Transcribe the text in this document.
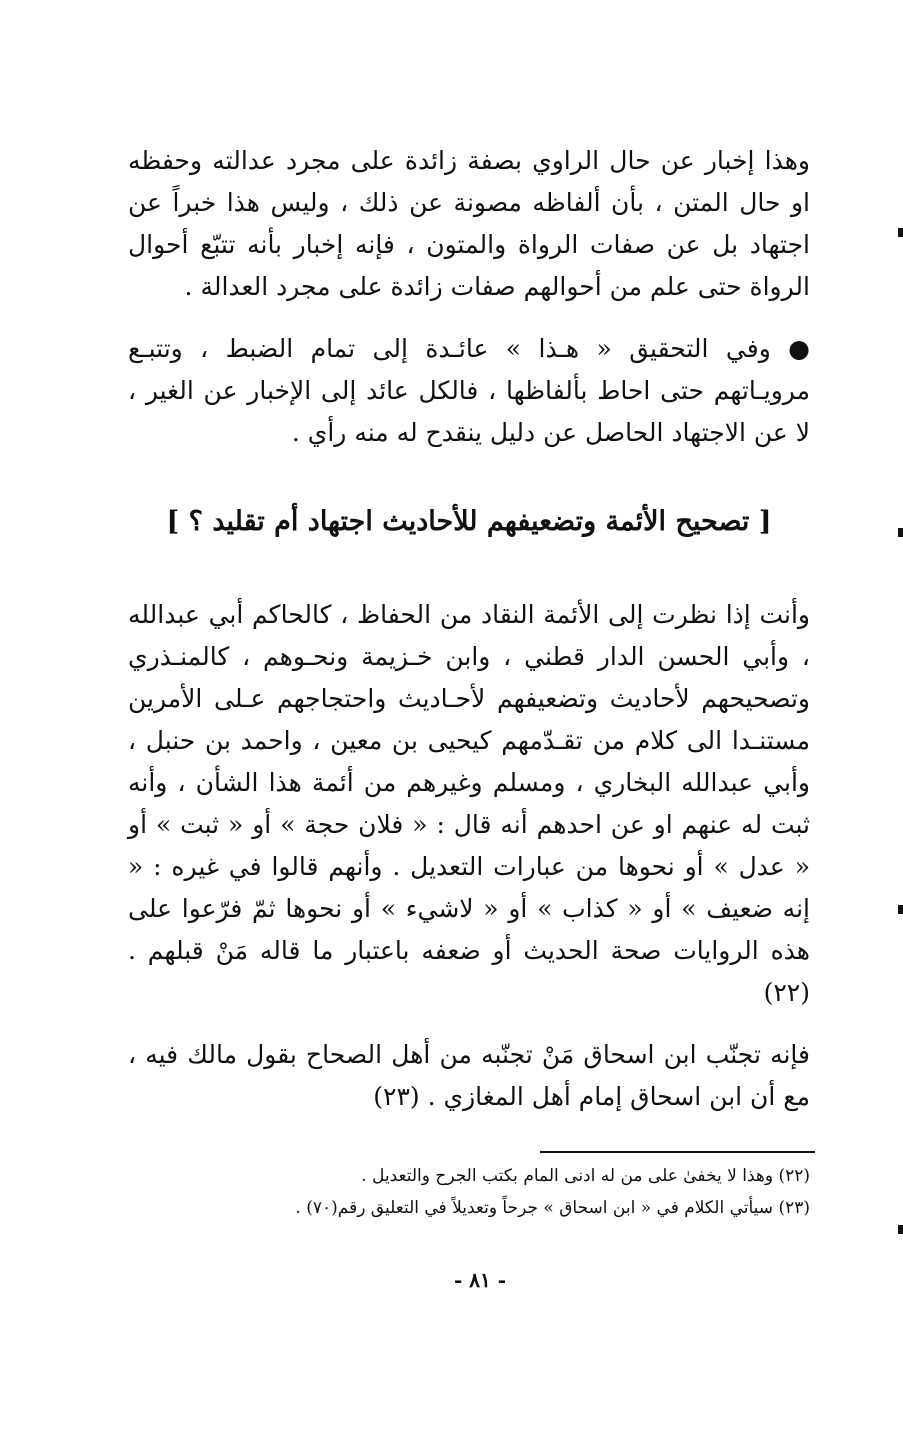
وهذا إخبار عن حال الراوي بصفة زائدة على مجرد عدالته وحفظه او حال المتن ، بأن ألفاظه مصونة عن ذلك ، وليس هذا خبراً عن اجتهاد بل عن صفات الرواة والمتون ، فإنه إخبار بأنه تتبّع أحوال الرواة حتى علم من أحوالهم صفات زائدة على مجرد العدالة .

● وفي التحقيق « هـذا » عائـدة إلى تمام الضبط ، وتتبـع مرويـاتهم حتى احاط بألفاظها ، فالكل عائد إلى الإخبار عن الغير ، لا عن الاجتهاد الحاصل عن دليل ينقدح له منه رأي .

[ تصحيح الأئمة وتضعيفهم للأحاديث اجتهاد أم تقليد ؟ ]

وأنت إذا نظرت إلى الأئمة النقاد من الحفاظ ، كالحاكم أبي عبدالله ، وأبي الحسن الدار قطني ، وابن خـزيمة ونحـوهم ، كالمنـذري وتصحيحهم لأحاديث وتضعيفهم لأحـاديث واحتجاجهم عـلى الأمرين مستنـدا الى كلام من تقـدّمهم كيحيى بن معين ، واحمد بن حنبل ، وأبي عبدالله البخاري ، ومسلم وغيرهم من أئمة هذا الشأن ، وأنه ثبت له عنهم او عن احدهم أنه قال : « فلان حجة » أو « ثبت » أو « عدل » أو نحوها من عبارات التعديل . وأنهم قالوا في غيره : « إنه ضعيف » أو « كذاب » أو « لاشيء » أو نحوها ثمّ فرّعوا على هذه الروايات صحة الحديث أو ضعفه باعتبار ما قاله مَنْ قبلهم . (٢٢)

فإنه تجنّب ابن اسحاق مَنْ تجنّبه من أهل الصحاح بقول مالك فيه ، مع أن ابن اسحاق إمام أهل المغازي . (٢٣)

(٢٢) وهذا لا يخفىٰ على من له ادنى المام بكتب الجرح والتعديل .

(٢٣) سيأتي الكلام في « ابن اسحاق » جرحاً وتعديلاً في التعليق رقم(٧٠) .

- ٨١ -
